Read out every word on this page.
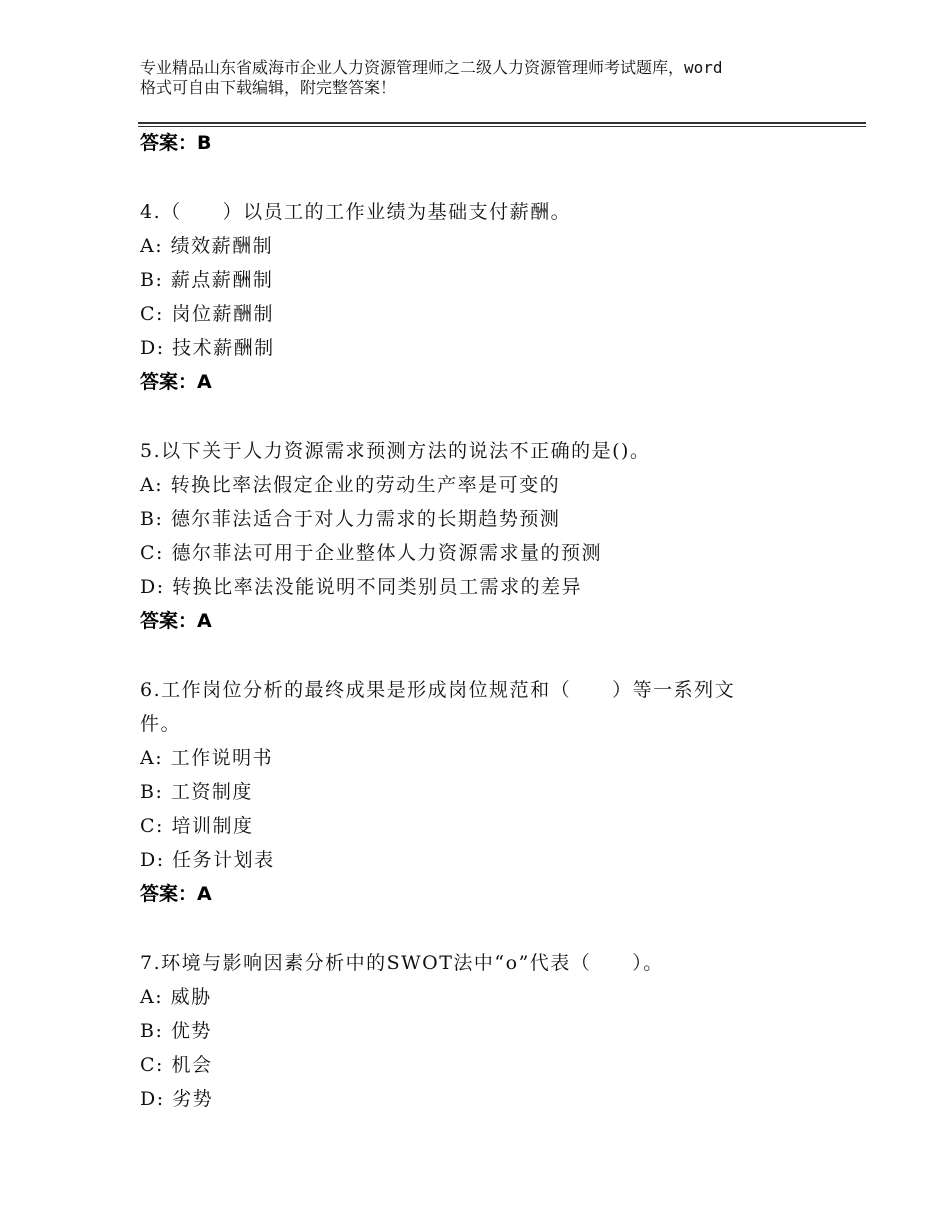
专业精品山东省威海市企业人力资源管理师之二级人力资源管理师考试题库，word
格式可自由下载编辑，附完整答案！
答案：B
4.（　　）以员工的工作业绩为基础支付薪酬。
A: 绩效薪酬制
B: 薪点薪酬制
C: 岗位薪酬制
D: 技术薪酬制
答案：A
5.以下关于人力资源需求预测方法的说法不正确的是()。
A: 转换比率法假定企业的劳动生产率是可变的
B: 德尔菲法适合于对人力需求的长期趋势预测
C: 德尔菲法可用于企业整体人力资源需求量的预测
D: 转换比率法没能说明不同类别员工需求的差异
答案：A
6.工作岗位分析的最终成果是形成岗位规范和（　　）等一系列文
件。
A: 工作说明书
B: 工资制度
C: 培训制度
D: 任务计划表
答案：A
7.环境与影响因素分析中的SWOT法中“o”代表（　　）。
A: 威胁
B: 优势
C: 机会
D: 劣势
